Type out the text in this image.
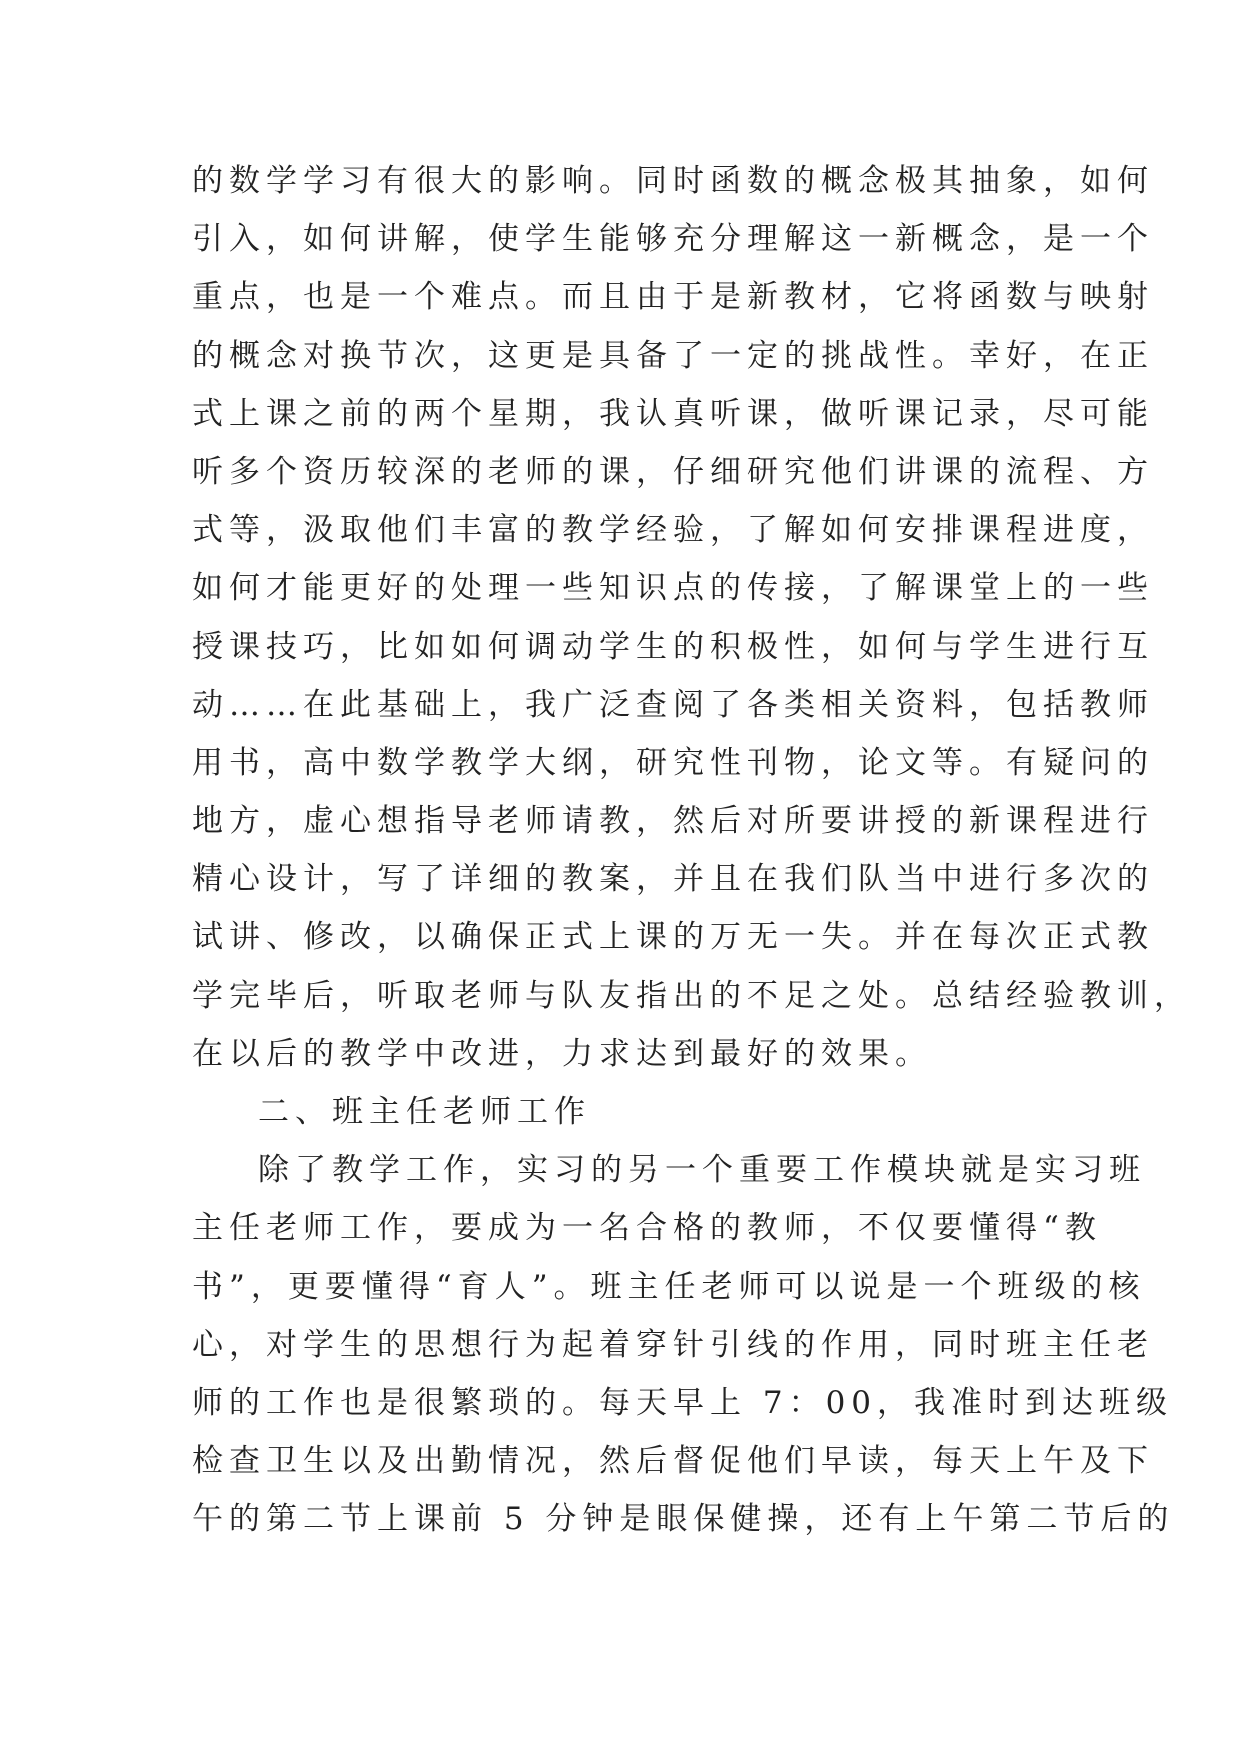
的数学学习有很大的影响。同时函数的概念极其抽象，如何
引入，如何讲解，使学生能够充分理解这一新概念，是一个
重点，也是一个难点。而且由于是新教材，它将函数与映射
的概念对换节次，这更是具备了一定的挑战性。幸好，在正
式上课之前的两个星期，我认真听课，做听课记录，尽可能
听多个资历较深的老师的课，仔细研究他们讲课的流程、方
式等，汲取他们丰富的教学经验，了解如何安排课程进度，
如何才能更好的处理一些知识点的传接，了解课堂上的一些
授课技巧，比如如何调动学生的积极性，如何与学生进行互
动……在此基础上，我广泛查阅了各类相关资料，包括教师
用书，高中数学教学大纲，研究性刊物，论文等。有疑问的
地方，虚心想指导老师请教，然后对所要讲授的新课程进行
精心设计，写了详细的教案，并且在我们队当中进行多次的
试讲、修改，以确保正式上课的万无一失。并在每次正式教
学完毕后，听取老师与队友指出的不足之处。总结经验教训，
在以后的教学中改进，力求达到最好的效果。
二、班主任老师工作
除了教学工作，实习的另一个重要工作模块就是实习班
主任老师工作，要成为一名合格的教师，不仅要懂得“教
书”，更要懂得“育人”。班主任老师可以说是一个班级的核
心，对学生的思想行为起着穿针引线的作用，同时班主任老
师的工作也是很繁琐的。每天早上 7：00，我准时到达班级
检查卫生以及出勤情况，然后督促他们早读，每天上午及下
午的第二节上课前 5 分钟是眼保健操，还有上午第二节后的
